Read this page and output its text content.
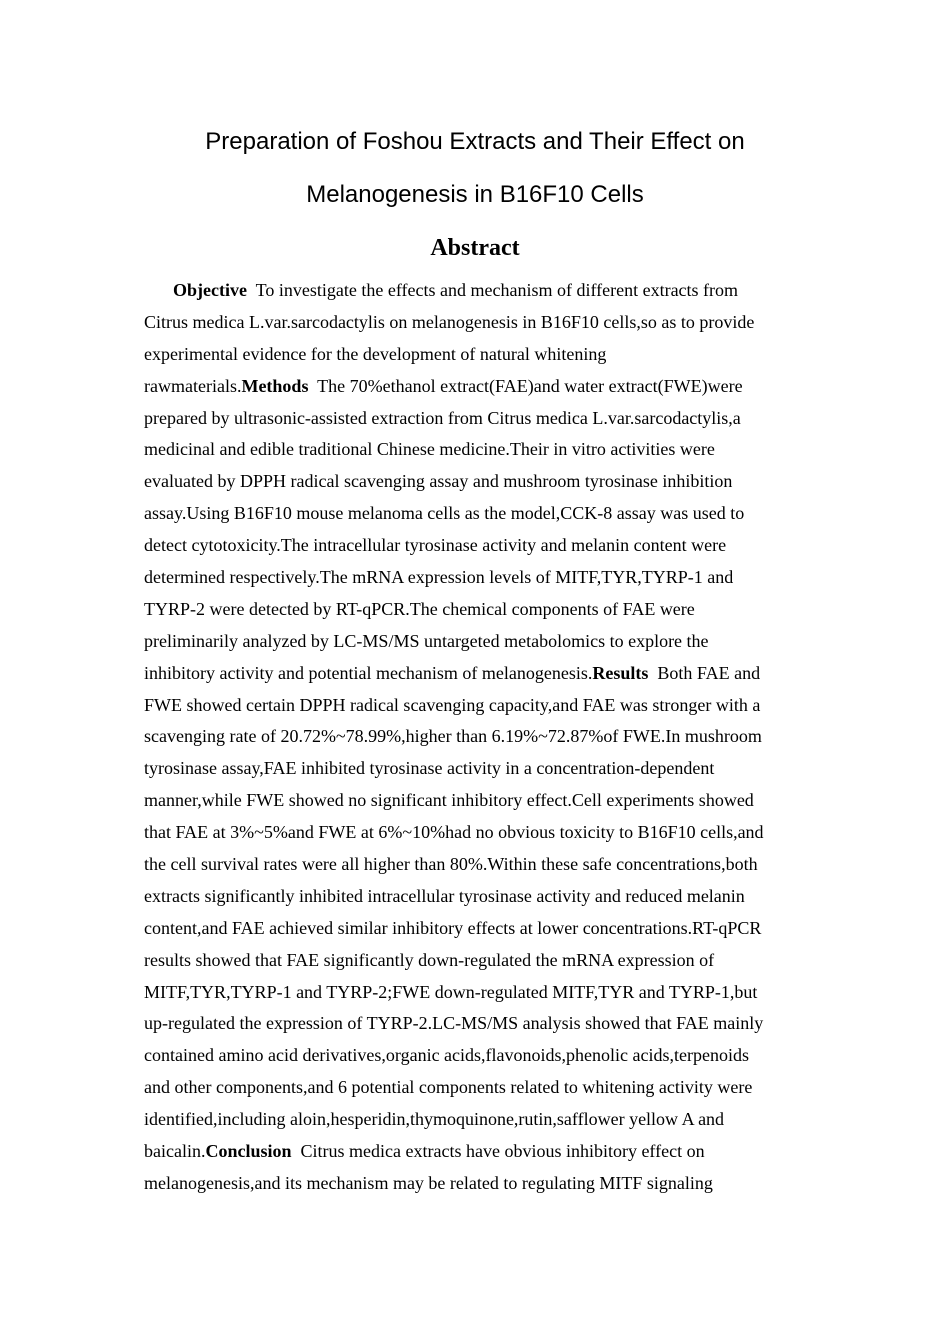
Preparation of Foshou Extracts and Their Effect on
Melanogenesis in B16F10 Cells
Abstract
Objective  To investigate the effects and mechanism of different extracts from
Citrus medica L.var.sarcodactylis on melanogenesis in B16F10 cells,so as to provide
experimental evidence for the development of natural whitening
rawmaterials.Methods  The 70%ethanol extract(FAE)and water extract(FWE)were
prepared by ultrasonic-assisted extraction from Citrus medica L.var.sarcodactylis,a
medicinal and edible traditional Chinese medicine.Their in vitro activities were
evaluated by DPPH radical scavenging assay and mushroom tyrosinase inhibition
assay.Using B16F10 mouse melanoma cells as the model,CCK-8 assay was used to
detect cytotoxicity.The intracellular tyrosinase activity and melanin content were
determined respectively.The mRNA expression levels of MITF,TYR,TYRP-1 and
TYRP-2 were detected by RT-qPCR.The chemical components of FAE were
preliminarily analyzed by LC-MS/MS untargeted metabolomics to explore the
inhibitory activity and potential mechanism of melanogenesis.Results  Both FAE and
FWE showed certain DPPH radical scavenging capacity,and FAE was stronger with a
scavenging rate of 20.72%~78.99%,higher than 6.19%~72.87%of FWE.In mushroom
tyrosinase assay,FAE inhibited tyrosinase activity in a concentration-dependent
manner,while FWE showed no significant inhibitory effect.Cell experiments showed
that FAE at 3%~5%and FWE at 6%~10%had no obvious toxicity to B16F10 cells,and
the cell survival rates were all higher than 80%.Within these safe concentrations,both
extracts significantly inhibited intracellular tyrosinase activity and reduced melanin
content,and FAE achieved similar inhibitory effects at lower concentrations.RT-qPCR
results showed that FAE significantly down-regulated the mRNA expression of
MITF,TYR,TYRP-1 and TYRP-2;FWE down-regulated MITF,TYR and TYRP-1,but
up-regulated the expression of TYRP-2.LC-MS/MS analysis showed that FAE mainly
contained amino acid derivatives,organic acids,flavonoids,phenolic acids,terpenoids
and other components,and 6 potential components related to whitening activity were
identified,including aloin,hesperidin,thymoquinone,rutin,safflower yellow A and
baicalin.Conclusion  Citrus medica extracts have obvious inhibitory effect on
melanogenesis,and its mechanism may be related to regulating MITF signaling
